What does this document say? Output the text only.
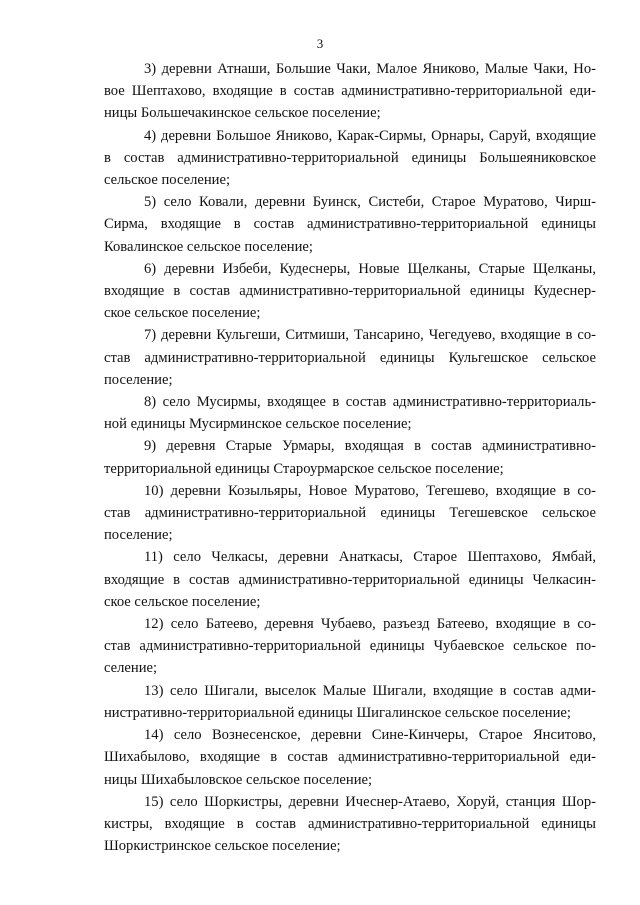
3

3) деревни Атнаши, Большие Чаки, Малое Яниково, Малые Чаки, Но-
вое Шептахово, входящие в состав административно-территориальной еди-
ницы Большечакинское сельское поселение;

4) деревни Большое Яниково, Карак-Сирмы, Орнары, Саруй, входящие
в состав административно-территориальной единицы Большеяниковское
сельское поселение;

5) село Ковали, деревни Буинск, Систеби, Старое Муратово, Чирш-
Сирма, входящие в состав административно-территориальной единицы
Ковалинское сельское поселение;

6) деревни Избеби, Кудеснеры, Новые Щелканы, Старые Щелканы,
входящие в состав административно-территориальной единицы Кудеснер-
ское сельское поселение;

7) деревни Кульгеши, Ситмиши, Тансарино, Чегедуево, входящие в со-
став административно-территориальной единицы Кульгешское сельское
поселение;

8) село Мусирмы, входящее в состав административно-территориаль-
ной единицы Мусирминское сельское поселение;

9) деревня Старые Урмары, входящая в состав административно-
территориальной единицы Староурмарское сельское поселение;

10) деревни Козыльяры, Новое Муратово, Тегешево, входящие в со-
став административно-территориальной единицы Тегешевское сельское
поселение;

11) село Челкасы, деревни Анаткасы, Старое Шептахово, Ямбай,
входящие в состав административно-территориальной единицы Челкасин-
ское сельское поселение;

12) село Батеево, деревня Чубаево, разъезд Батеево, входящие в со-
став административно-территориальной единицы Чубаевское сельское по-
селение;

13) село Шигали, выселок Малые Шигали, входящие в состав адми-
нистративно-территориальной единицы Шигалинское сельское поселение;

14) село Вознесенское, деревни Сине-Кинчеры, Старое Янситово,
Шихабылово, входящие в состав административно-территориальной еди-
ницы Шихабыловское сельское поселение;

15) село Шоркистры, деревни Ичеснер-Атаево, Хоруй, станция Шор-
кистры, входящие в состав административно-территориальной единицы
Шоркистринское сельское поселение;
